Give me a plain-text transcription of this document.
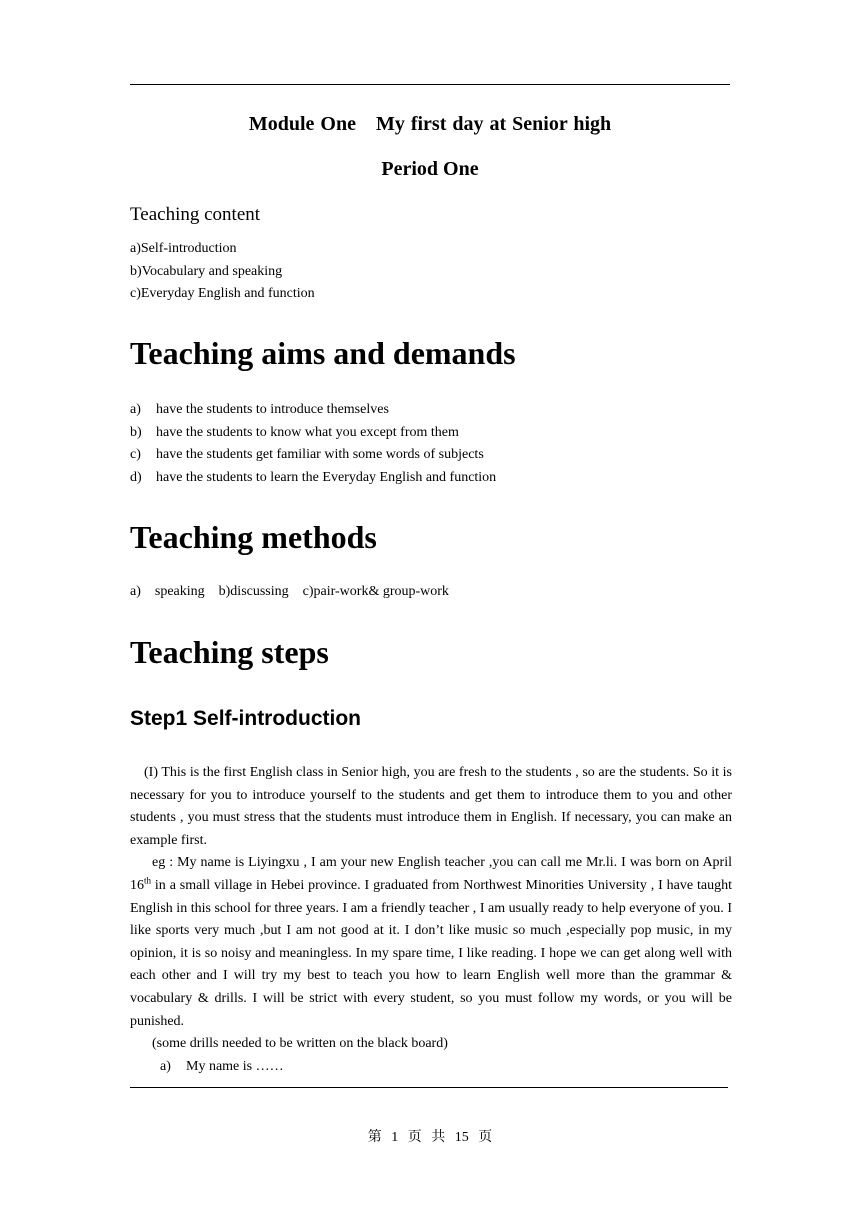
Module One My first day at Senior high
Period One
Teaching content
a)Self-introduction
b)Vocabulary and speaking
c)Everyday English and function
Teaching aims and demands
a) have the students to introduce themselves
b) have the students to know what you except from them
c) have the students get familiar with some words of subjects
d) have the students to learn the Everyday English and function
Teaching methods
a)    speaking    b)discussing    c)pair-work& group-work
Teaching steps
Step1 Self-introduction

(I) This is the first English class in Senior high, you are fresh to the students , so are the students. So it is necessary for you to introduce yourself to the students and get them to introduce them to you and other students , you must stress that the students must introduce them in English. If necessary, you can make an example first.

eg : My name is Liyingxu , I am your new English teacher ,you can call me Mr.li. I was born on April 16th in a small village in Hebei province. I graduated from Northwest Minorities University , I have taught English in this school for three years. I am a friendly teacher , I am usually ready to help everyone of you. I like sports very much ,but I am not good at it. I don’t like music so much ,especially pop music, in my opinion, it is so noisy and meaningless. In my spare time, I like reading. I hope we can get along well with each other and I will try my best to teach you how to learn English well more than the grammar & vocabulary & drills. I will be strict with every student, so you must follow my words, or you will be punished.

(some drills needed to be written on the black board)

a) My name is ……

第 1 页 共 15 页
